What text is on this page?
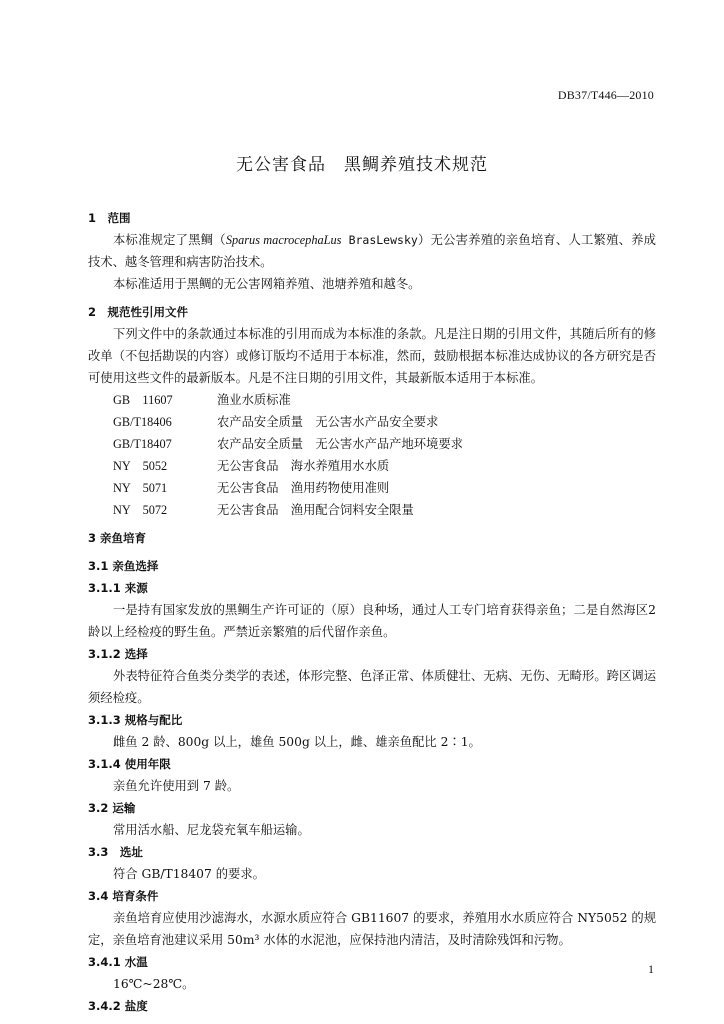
DB37/T446—2010
无公害食品　黑鲷养殖技术规范
1　范围
本标准规定了黑鲷（Sparus macrocephaLus BrasLewsky）无公害养殖的亲鱼培育、人工繁殖、养成技术、越冬管理和病害防治技术。
本标准适用于黑鲷的无公害网箱养殖、池塘养殖和越冬。
2　规范性引用文件
下列文件中的条款通过本标准的引用而成为本标准的条款。凡是注日期的引用文件，其随后所有的修改单（不包括勘误的内容）或修订版均不适用于本标准，然而，鼓励根据本标准达成协议的各方研究是否可使用这些文件的最新版本。凡是不注日期的引用文件，其最新版本适用于本标准。
GB　11607	渔业水质标准
GB/T18406	农产品安全质量　无公害水产品安全要求
GB/T18407	农产品安全质量　无公害水产品产地环境要求
NY　5052	无公害食品　海水养殖用水水质
NY　5071	无公害食品　渔用药物使用准则
NY　5072	无公害食品　渔用配合饲料安全限量
3 亲鱼培育
3.1 亲鱼选择
3.1.1 来源
一是持有国家发放的黑鲷生产许可证的（原）良种场，通过人工专门培育获得亲鱼；二是自然海区2龄以上经检疫的野生鱼。严禁近亲繁殖的后代留作亲鱼。
3.1.2 选择
外表特征符合鱼类分类学的表述，体形完整、色泽正常、体质健壮、无病、无伤、无畸形。跨区调运须经检疫。
3.1.3 规格与配比
雌鱼 2 龄、800g 以上，雄鱼 500g 以上，雌、雄亲鱼配比 2∶1。
3.1.4 使用年限
亲鱼允许使用到 7 龄。
3.2 运输
常用活水船、尼龙袋充氧车船运输。
3.3　选址
符合 GB/T18407 的要求。
3.4 培育条件
亲鱼培育应使用沙滤海水，水源水质应符合 GB11607 的要求，养殖用水水质应符合 NY5052 的规定，亲鱼培育池建议采用 50m³ 水体的水泥池，应保持池内清洁，及时清除残饵和污物。
3.4.1 水温
16℃~28℃。
3.4.2 盐度
1
